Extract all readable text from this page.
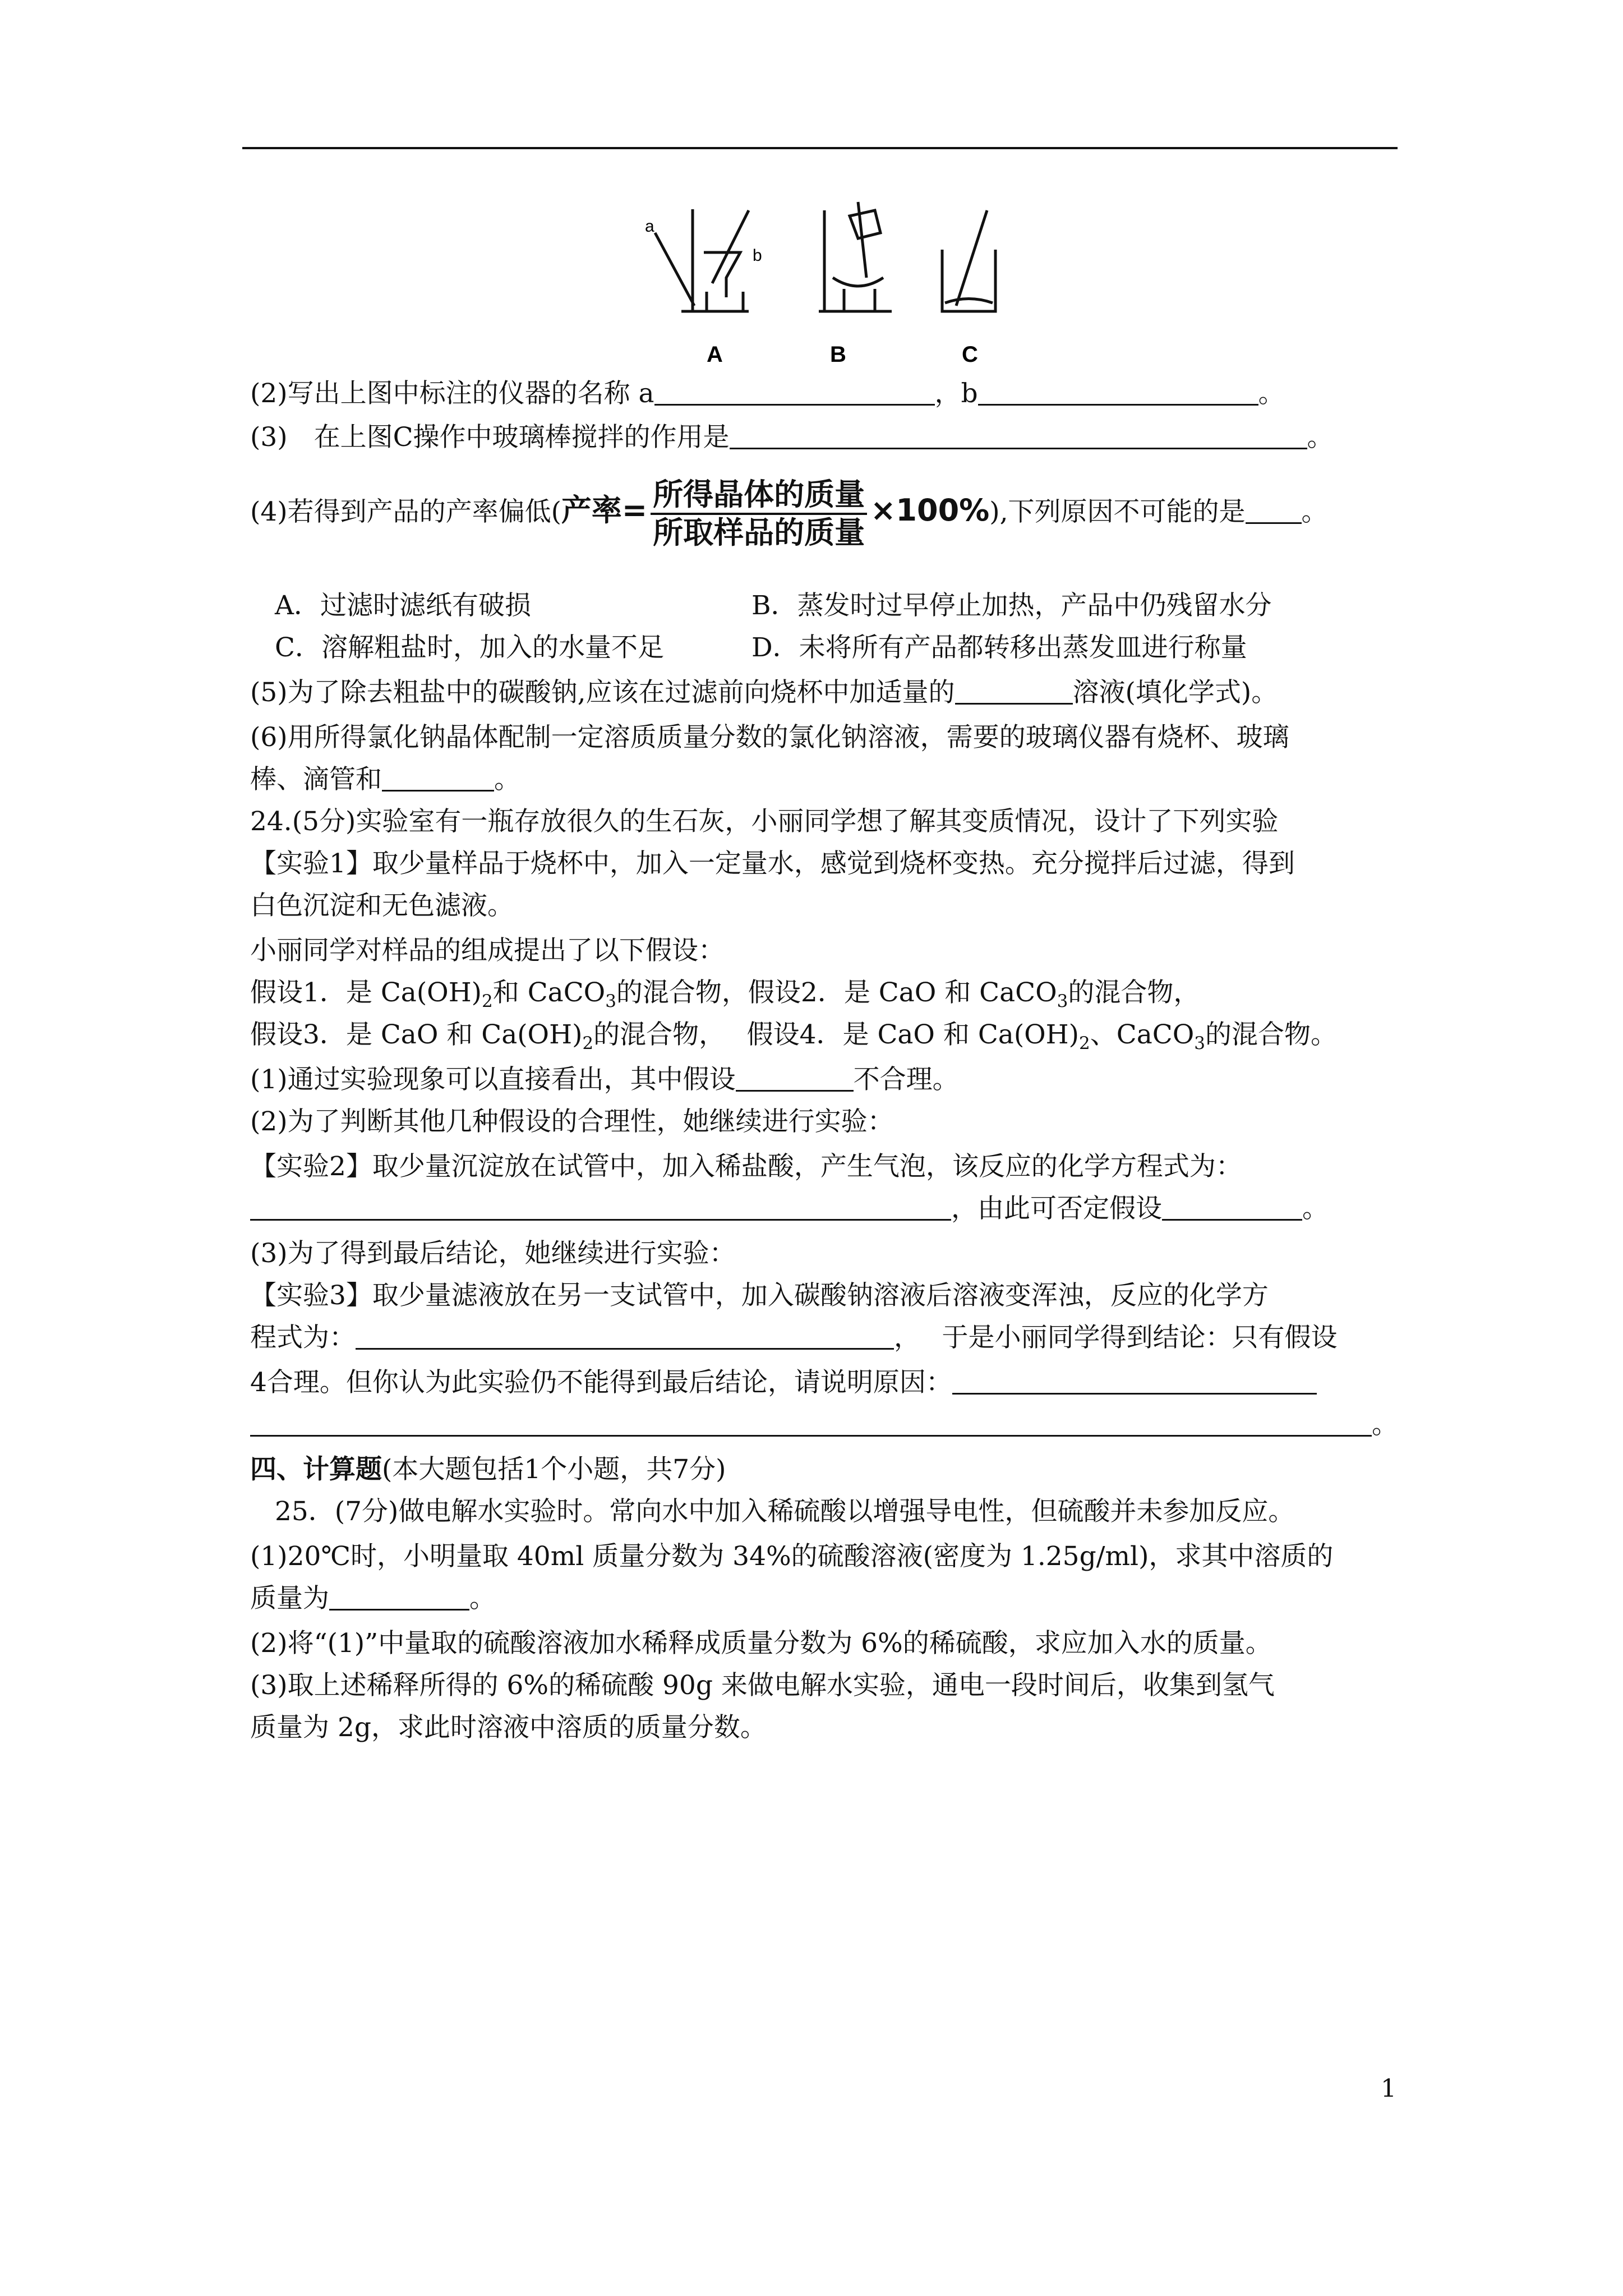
a
b
A	B	C
(2)写出上图中标注的仪器的名称 a	，b	。
(3)　在上图C操作中玻璃棒搅拌的作用是	。
(4)若得到产品的产率偏低(产率= $\frac{\text{所得晶体的质量}}{\text{所取样品的质量}} \times 100\%$),下列原因不可能的是 。
A．过滤时滤纸有破损	B．蒸发时过早停止加热，产品中仍残留水分
C．溶解粗盐时，加入的水量不足	D．未将所有产品都转移出蒸发皿进行称量
(5)为了除去粗盐中的碳酸钠,应该在过滤前向烧杯中加适量的	溶液(填化学式)。
(6)用所得氯化钠晶体配制一定溶质质量分数的氯化钠溶液，需要的玻璃仪器有烧杯、玻璃
棒、滴管和	。
24.(5分)实验室有一瓶存放很久的生石灰，小丽同学想了解其变质情况，设计了下列实验
【实验1】取少量样品于烧杯中，加入一定量水，感觉到烧杯变热。充分搅拌后过滤，得到
白色沉淀和无色滤液。
小丽同学对样品的组成提出了以下假设：
假设1．是 $Ca(OH)_2$和 CaCO$_3$的混合物，假设2．是 CaO 和 CaCO$_3$的混合物，
假设3．是 CaO 和 $Ca(OH)_2$的混合物，　 假设4．是 CaO 和 $Ca(OH)_2$、CaCO$_3$的混合物。
(1)通过实验现象可以直接看出，其中假设	不合理。
(2)为了判断其他几种假设的合理性，她继续进行实验：
【实验2】取少量沉淀放在试管中，加入稀盐酸，产生气泡，该反应的化学方程式为：
，由此可否定假设	。
(3)为了得到最后结论，她继续进行实验：
【实验3】取少量滤液放在另一支试管中，加入碳酸钠溶液后溶液变浑浊，反应的化学方
程式为：	，　 于是小丽同学得到结论：只有假设
4合理。但你认为此实验仍不能得到最后结论，请说明原因：
。
四、计算题(本大题包括1个小题，共7分)
25．(7分)做电解水实验时。常向水中加入稀硫酸以增强导电性，但硫酸并未参加反应。
(1)20℃时，小明量取 40ml 质量分数为 34%的硫酸溶液(密度为 1.25g/ml)，求其中溶质的
质量为	。
(2)将“(1)”中量取的硫酸溶液加水稀释成质量分数为 6%的稀硫酸，求应加入水的质量。
(3)取上述稀释所得的 6%的稀硫酸 90g 来做电解水实验，通电一段时间后，收集到氢气
质量为 2g，求此时溶液中溶质的质量分数。
1
